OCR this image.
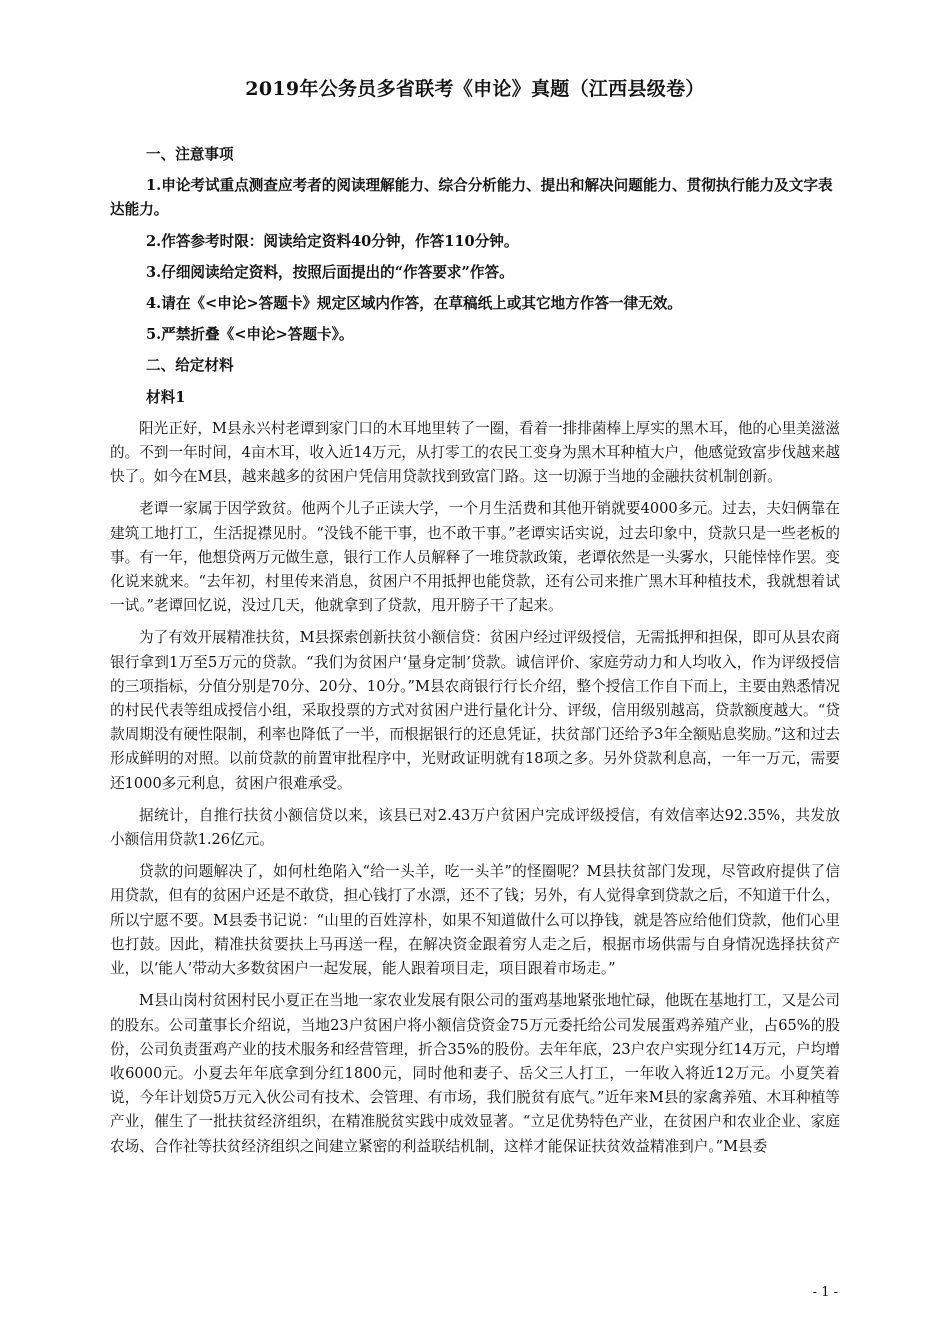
2019年公务员多省联考《申论》真题（江西县级卷）

一、注意事项

1.申论考试重点测查应考者的阅读理解能力、综合分析能力、提出和解决问题能力、贯彻执行能力及文字表达能力。

2.作答参考时限：阅读给定资料40分钟，作答110分钟。

3.仔细阅读给定资料，按照后面提出的“作答要求”作答。

4.请在《<申论>答题卡》规定区域内作答，在草稿纸上或其它地方作答一律无效。

5.严禁折叠《<申论>答题卡》。

二、给定材料

材料1

阳光正好，M县永兴村老谭到家门口的木耳地里转了一圈，看着一排排菌棒上厚实的黑木耳，他的心里美滋滋的。不到一年时间，4亩木耳，收入近14万元，从打零工的农民工变身为黑木耳种植大户，他感觉致富步伐越来越快了。如今在M县，越来越多的贫困户凭信用贷款找到致富门路。这一切源于当地的金融扶贫机制创新。

老谭一家属于因学致贫。他两个儿子正读大学，一个月生活费和其他开销就要4000多元。过去，夫妇俩靠在建筑工地打工，生活捉襟见肘。“没钱不能干事，也不敢干事。”老谭实话实说，过去印象中，贷款只是一些老板的事。有一年，他想贷两万元做生意，银行工作人员解释了一堆贷款政策，老谭依然是一头雾水，只能悻悻作罢。变化说来就来。“去年初，村里传来消息，贫困户不用抵押也能贷款，还有公司来推广黑木耳种植技术，我就想着试一试。”老谭回忆说，没过几天，他就拿到了贷款，甩开膀子干了起来。

为了有效开展精准扶贫，M县探索创新扶贫小额信贷：贫困户经过评级授信，无需抵押和担保，即可从县农商银行拿到1万至5万元的贷款。“我们为贫困户‘量身定制’贷款。诚信评价、家庭劳动力和人均收入，作为评级授信的三项指标，分值分别是70分、20分、10分。”M县农商银行行长介绍，整个授信工作自下而上，主要由熟悉情况的村民代表等组成授信小组，采取投票的方式对贫困户进行量化计分、评级，信用级别越高，贷款额度越大。“贷款周期没有硬性限制，利率也降低了一半，而根据银行的还息凭证，扶贫部门还给予3年全额贴息奖励。”这和过去形成鲜明的对照。以前贷款的前置审批程序中，光财政证明就有18项之多。另外贷款利息高，一年一万元，需要还1000多元利息，贫困户很难承受。

据统计，自推行扶贫小额信贷以来，该县已对2.43万户贫困户完成评级授信，有效信率达92.35%，共发放小额信用贷款1.26亿元。

贷款的问题解决了，如何杜绝陷入“给一头羊，吃一头羊”的怪圈呢？M县扶贫部门发现，尽管政府提供了信用贷款，但有的贫困户还是不敢贷，担心钱打了水漂，还不了钱；另外，有人觉得拿到贷款之后，不知道干什么，所以宁愿不要。M县委书记说：“山里的百姓淳朴，如果不知道做什么可以挣钱，就是答应给他们贷款，他们心里也打鼓。因此，精准扶贫要扶上马再送一程，在解决资金跟着穷人走之后，根据市场供需与自身情况选择扶贫产业，以‘能人’带动大多数贫困户一起发展，能人跟着项目走，项目跟着市场走。”

M县山岗村贫困村民小夏正在当地一家农业发展有限公司的蛋鸡基地紧张地忙碌，他既在基地打工，又是公司的股东。公司董事长介绍说，当地23户贫困户将小额信贷资金75万元委托给公司发展蛋鸡养殖产业，占65%的股份，公司负责蛋鸡产业的技术服务和经营管理，折合35%的股份。去年年底，23户农户实现分红14万元，户均增收6000元。小夏去年年底拿到分红1800元，同时他和妻子、岳父三人打工，一年收入将近12万元。小夏笑着说，今年计划贷5万元入伙公司有技术、会管理、有市场，我们脱贫有底气。”近年来M县的家禽养殖、木耳种植等产业，催生了一批扶贫经济组织，在精准脱贫实践中成效显著。“立足优势特色产业，在贫困户和农业企业、家庭农场、合作社等扶贫经济组织之间建立紧密的利益联结机制，这样才能保证扶贫效益精准到户。”M县委

- 1 -
